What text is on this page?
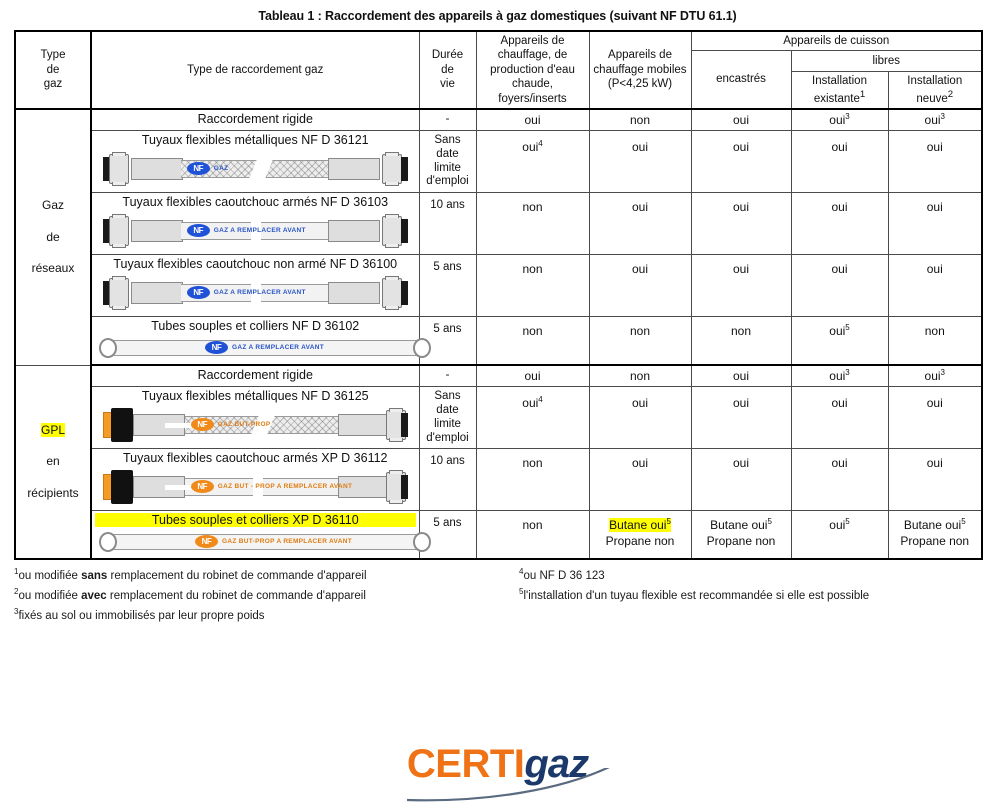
Tableau 1 : Raccordement des appareils à gaz domestiques (suivant NF DTU 61.1)
Type
de
gaz	Type de raccordement gaz	Durée
de
vie	Appareils de chauffage, de production d'eau chaude, foyers/inserts	Appareils de chauffage mobiles (P<4,25 kW)	Appareils de cuisson		
					encastrés	libres	
						Installation existante$^1$	Installation neuve$^2$
Gaz
de
réseaux	Raccordement rigide	-	oui	non	oui	oui$^3$	oui$^3$

	Tuyaux flexibles métalliques NF D 36121
NF GAZ	Sans
date
limite
d'emploi	oui$^4$	oui	oui	oui	oui

	Tuyaux flexibles caoutchouc armés NF D 36103
NF GAZ A REMPLACER AVANT	10 ans	non	oui	oui	oui	oui

	Tuyaux flexibles caoutchouc non armé NF D 36100
NF GAZ A REMPLACER AVANT	5 ans	non	oui	oui	oui	oui

	Tubes souples et colliers NF D 36102
NF GAZ A REMPLACER AVANT	5 ans	non	non	non	oui$^5$	non
GPL
en
récipients	Raccordement rigide	-	oui	non	oui	oui$^3$	oui$^3$

	Tuyaux flexibles métalliques NF D 36125
NF GAZ BUT-PROP	Sans
date
limite
d'emploi	oui$^4$	oui	oui	oui	oui

	Tuyaux flexibles caoutchouc armés XP D 36112
NF GAZ BUT - PROP A REMPLACER AVANT	10 ans	non	oui	oui	oui	oui

	Tubes souples et colliers XP D 36110
NF GAZ BUT-PROP A REMPLACER AVANT	5 ans	non	Butane oui$^5$
Propane non	Butane oui$^5$
Propane non	oui$^5$	Butane oui$^5$
Propane non
$^1$ou modifiée sans remplacement du robinet de commande d'appareil
$^2$ou modifiée avec remplacement du robinet de commande d'appareil
$^3$fixés au sol ou immobilisés par leur propre poids
$^4$ou NF D 36 123
$^5$l'installation d'un tuyau flexible est recommandée si elle est possible
CERTIgaz
